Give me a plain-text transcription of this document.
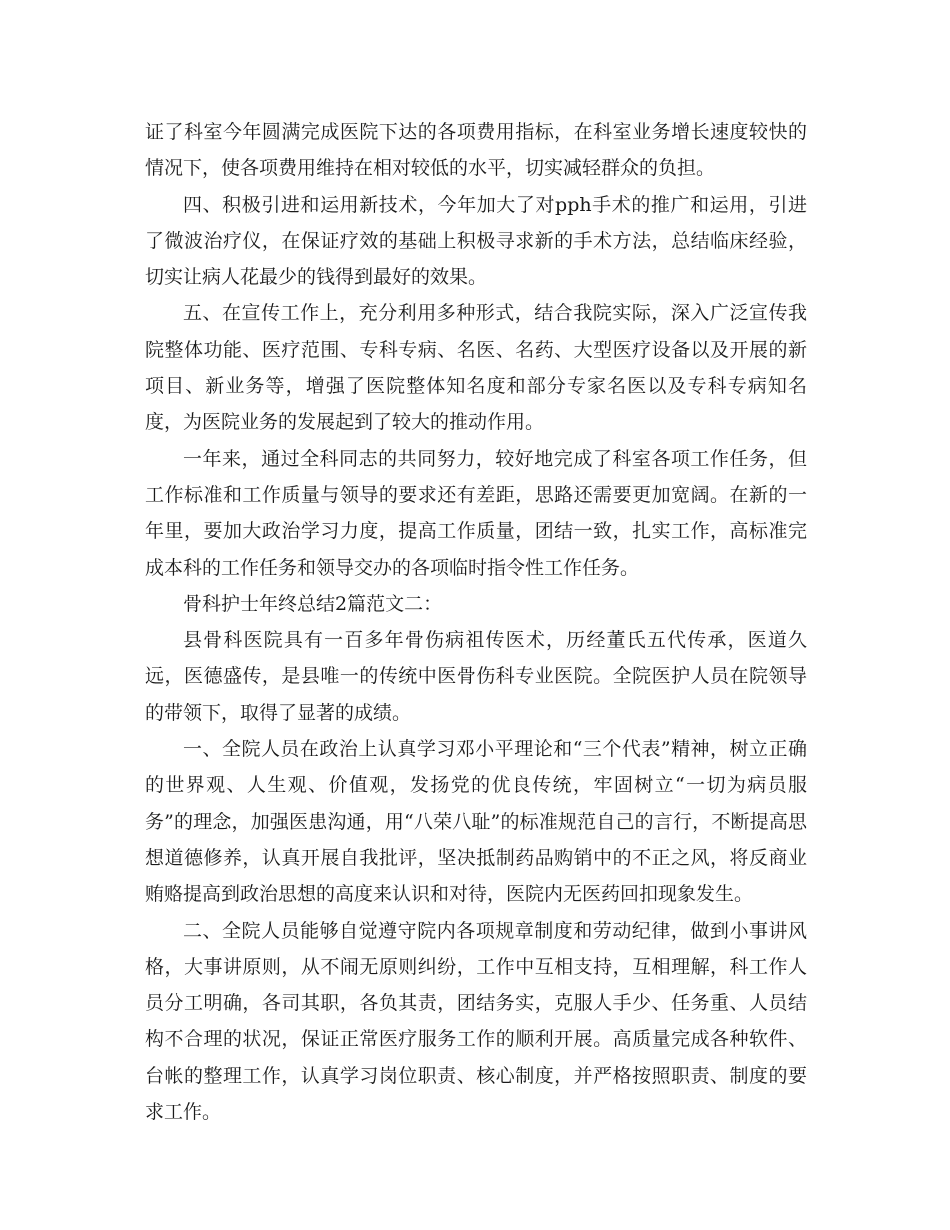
证了科室今年圆满完成医院下达的各项费用指标，在科室业务增长速度较快的情况下，使各项费用维持在相对较低的水平，切实减轻群众的负担。

四、积极引进和运用新技术，今年加大了对pph手术的推广和运用，引进了微波治疗仪，在保证疗效的基础上积极寻求新的手术方法，总结临床经验，切实让病人花最少的钱得到最好的效果。

五、在宣传工作上，充分利用多种形式，结合我院实际，深入广泛宣传我院整体功能、医疗范围、专科专病、名医、名药、大型医疗设备以及开展的新项目、新业务等，增强了医院整体知名度和部分专家名医以及专科专病知名度，为医院业务的发展起到了较大的推动作用。

一年来，通过全科同志的共同努力，较好地完成了科室各项工作任务，但工作标准和工作质量与领导的要求还有差距，思路还需要更加宽阔。在新的一年里，要加大政治学习力度，提高工作质量，团结一致，扎实工作，高标准完成本科的工作任务和领导交办的各项临时指令性工作任务。

骨科护士年终总结2篇范文二：

县骨科医院具有一百多年骨伤病祖传医术，历经董氏五代传承，医道久远，医德盛传，是县唯一的传统中医骨伤科专业医院。全院医护人员在院领导的带领下，取得了显著的成绩。

一、全院人员在政治上认真学习邓小平理论和“三个代表”精神，树立正确的世界观、人生观、价值观，发扬党的优良传统，牢固树立“一切为病员服务”的理念，加强医患沟通，用“八荣八耻”的标准规范自己的言行，不断提高思想道德修养，认真开展自我批评，坚决抵制药品购销中的不正之风，将反商业贿赂提高到政治思想的高度来认识和对待，医院内无医药回扣现象发生。

二、全院人员能够自觉遵守院内各项规章制度和劳动纪律，做到小事讲风格，大事讲原则，从不闹无原则纠纷，工作中互相支持，互相理解，科工作人员分工明确，各司其职，各负其责，团结务实，克服人手少、任务重、人员结构不合理的状况，保证正常医疗服务工作的顺利开展。高质量完成各种软件、台帐的整理工作，认真学习岗位职责、核心制度，并严格按照职责、制度的要求工作。
